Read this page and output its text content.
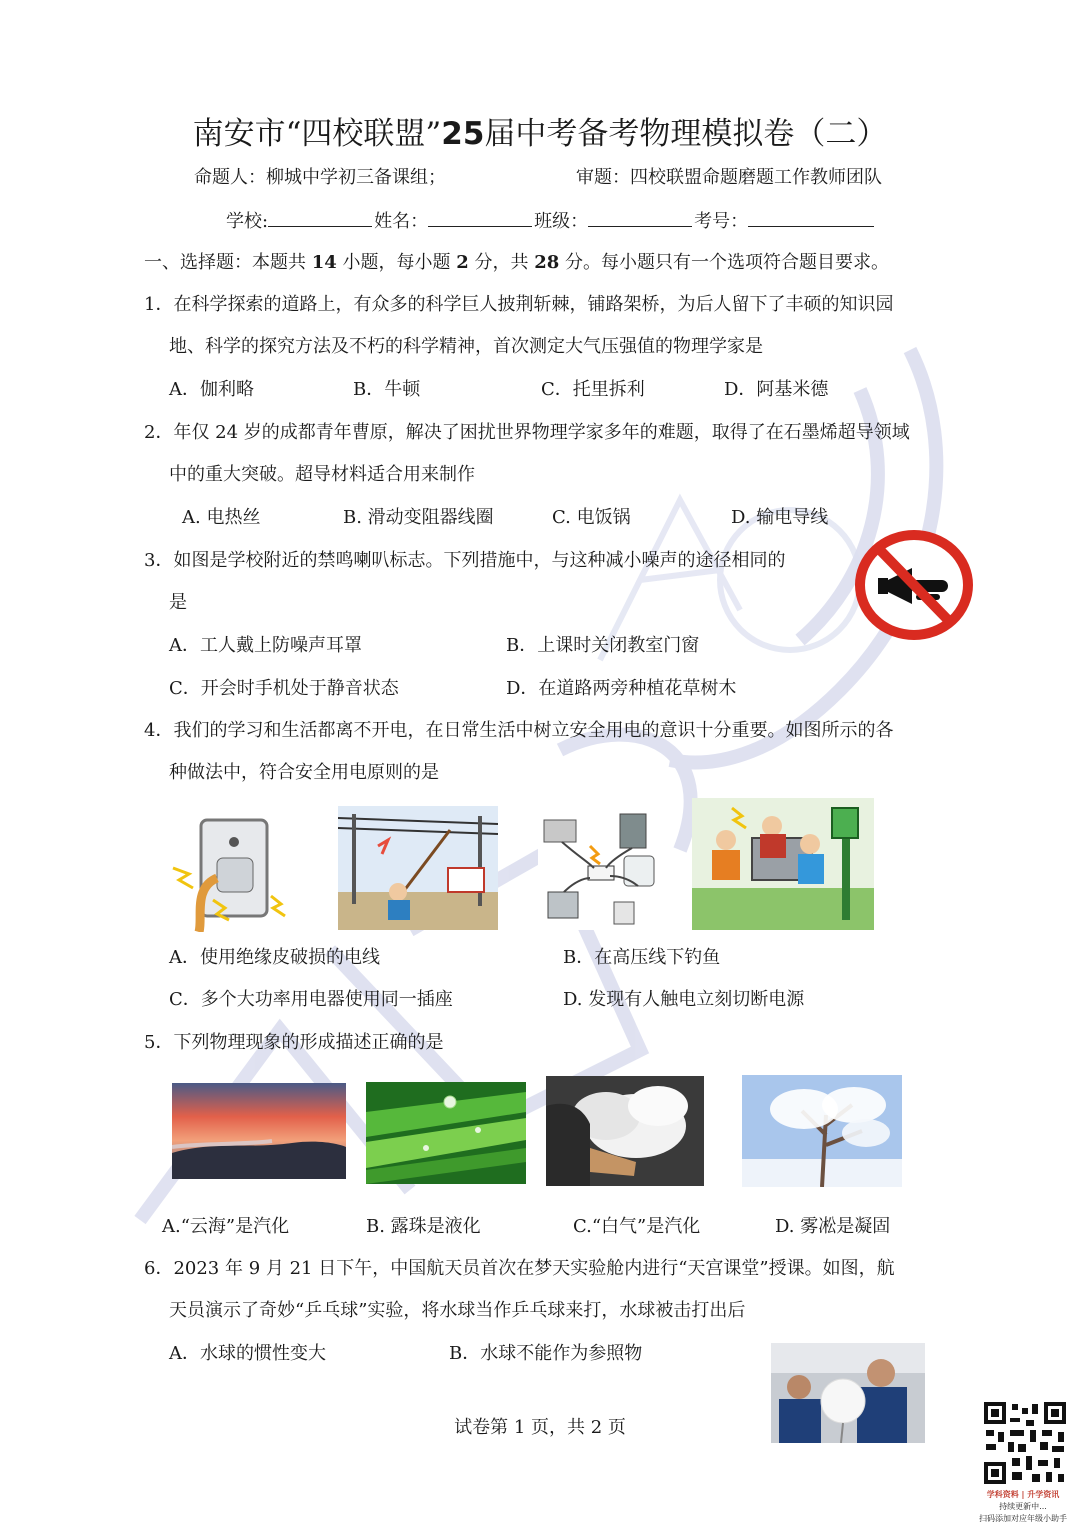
南安市“四校联盟”25届中考备考物理模拟卷（二）
命题人：柳城中学初三备课组；	审题：四校联盟命题磨题工作教师团队
学校:	姓名：	班级：	考号：
一、选择题：本题共 14 小题，每小题 2 分，共 28 分。每小题只有一个选项符合题目要求。
1．在科学探索的道路上，有众多的科学巨人披荆斩棘，铺路架桥，为后人留下了丰硕的知识园
地、科学的探究方法及不朽的科学精神，首次测定大气压强值的物理学家是
A．伽利略	B．牛顿	C．托里拆利	D．阿基米德
2．年仅 24 岁的成都青年曹原，解决了困扰世界物理学家多年的难题，取得了在石墨烯超导领域
中的重大突破。超导材料适合用来制作
A. 电热丝	B. 滑动变阻器线圈	C. 电饭锅	D. 输电导线
3．如图是学校附近的禁鸣喇叭标志。下列措施中，与这种减小噪声的途径相同的
是
A．工人戴上防噪声耳罩	B．上课时关闭教室门窗
C．开会时手机处于静音状态	D．在道路两旁种植花草树木
4．我们的学习和生活都离不开电，在日常生活中树立安全用电的意识十分重要。如图所示的各
种做法中，符合安全用电原则的是
A．使用绝缘皮破损的电线	B．在高压线下钓鱼
C．多个大功率用电器使用同一插座	D. 发现有人触电立刻切断电源
5．下列物理现象的形成描述正确的是
A.“云海”是汽化	B. 露珠是液化	C.“白气”是汽化	D. 雾凇是凝固
6．2023 年 9 月 21 日下午，中国航天员首次在梦天实验舱内进行“天宫课堂”授课。如图，航
天员演示了奇妙“乒乓球”实验，将水球当作乒乓球来打，水球被击打出后
A．水球的惯性变大	B．水球不能作为参照物
试卷第 1 页，共 2 页
学科资料 | 升学资讯
持续更新中...
扫码添加对应年级小助手
